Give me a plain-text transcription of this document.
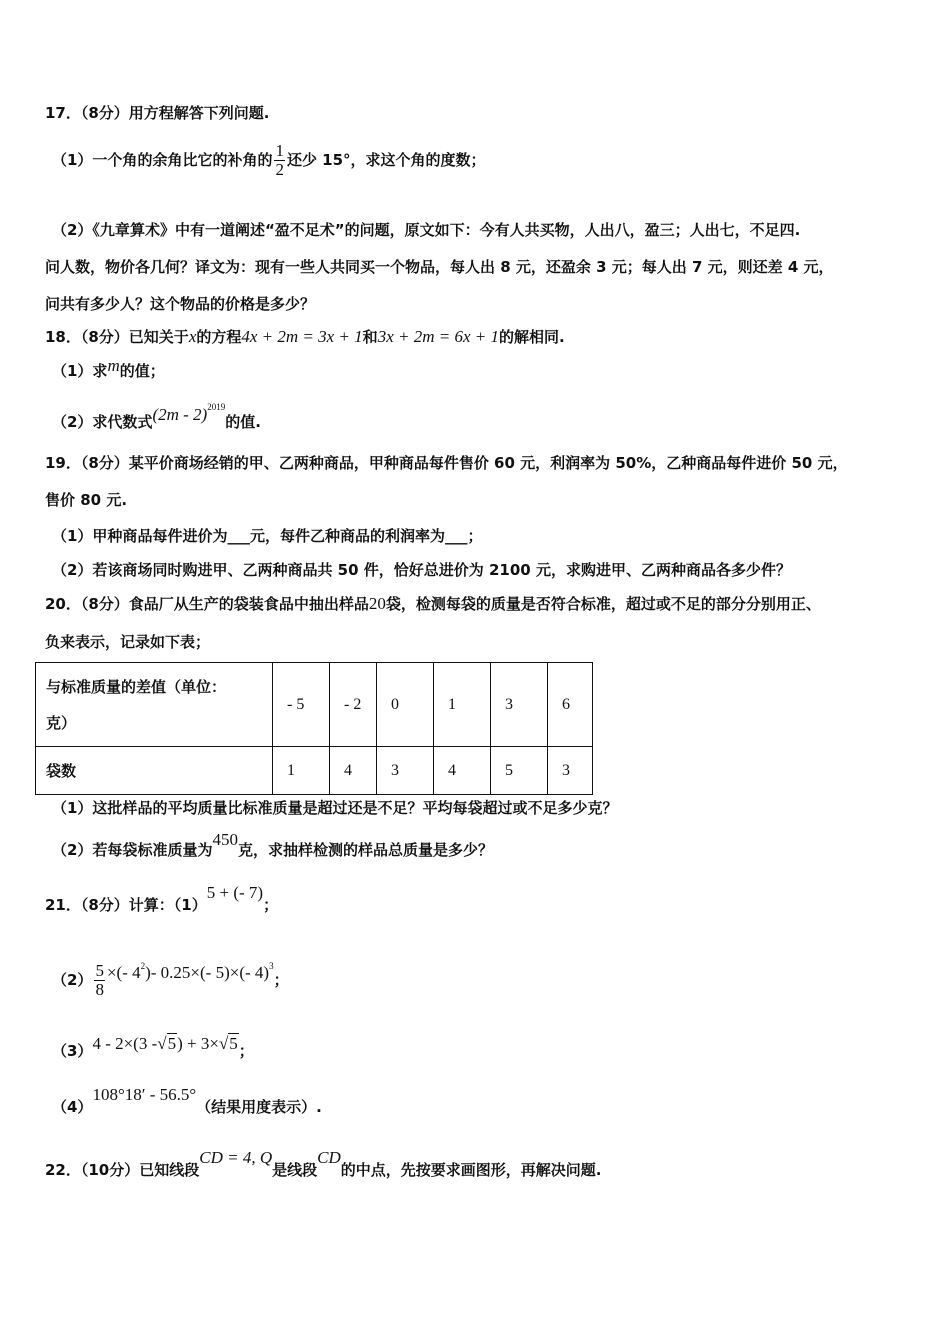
17．（8分）用方程解答下列问题.
（1）一个角的余角比它的补角的 $\frac{1}{2}$ 还少 15°，求这个角的度数；
（2）《九章算术》中有一道阐述“盈不足术”的问题，原文如下：今有人共买物，人出八，盈三；人出七，不足四.
问人数，物价各几何？译文为：现有一些人共同买一个物品，每人出 8 元，还盈余 3 元；每人出 7 元，则还差 4 元，
问共有多少人？这个物品的价格是多少？
18．（8分）已知关于x的方程4x + 2m = 3x + 1和3x + 2m = 6x + 1的解相同.
（1）求m的值；
（2）求代数式(2m - 2)$^{2019}$的值.
19．（8分）某平价商场经销的甲、乙两种商品，甲种商品每件售价 60 元，利润率为 50%，乙种商品每件进价 50 元，
售价 80 元.
（1）甲种商品每件进价为___元，每件乙种商品的利润率为___；
（2）若该商场同时购进甲、乙两种商品共 50 件，恰好总进价为 2100 元，求购进甲、乙两种商品各多少件？
20．（8分）食品厂从生产的袋装食品中抽出样品20袋，检测每袋的质量是否符合标准，超过或不足的部分分别用正、
负来表示，记录如下表；
与标准质量的差值（单位：
克）	- 5	- 2	0	1	3	6
袋数	1	4	3	4	5	3
（1）这批样品的平均质量比标准质量是超过还是不足？平均每袋超过或不足多少克？
（2）若每袋标准质量为450克，求抽样检测的样品总质量是多少？
21．（8分）计算：（1）5 + (- 7)；
$(2) \frac{5}{8}$ ×(- $4^2)-$ 0.25×(- 5)×(- 4)$^3$；
（3）4 - 2×(3 -√5) + 3×√5；
（4）108°18′ - 56.5°（结果用度表示）.
22．（10分）已知线段CD = 4, Q是线段CD的中点，先按要求画图形，再解决问题.
